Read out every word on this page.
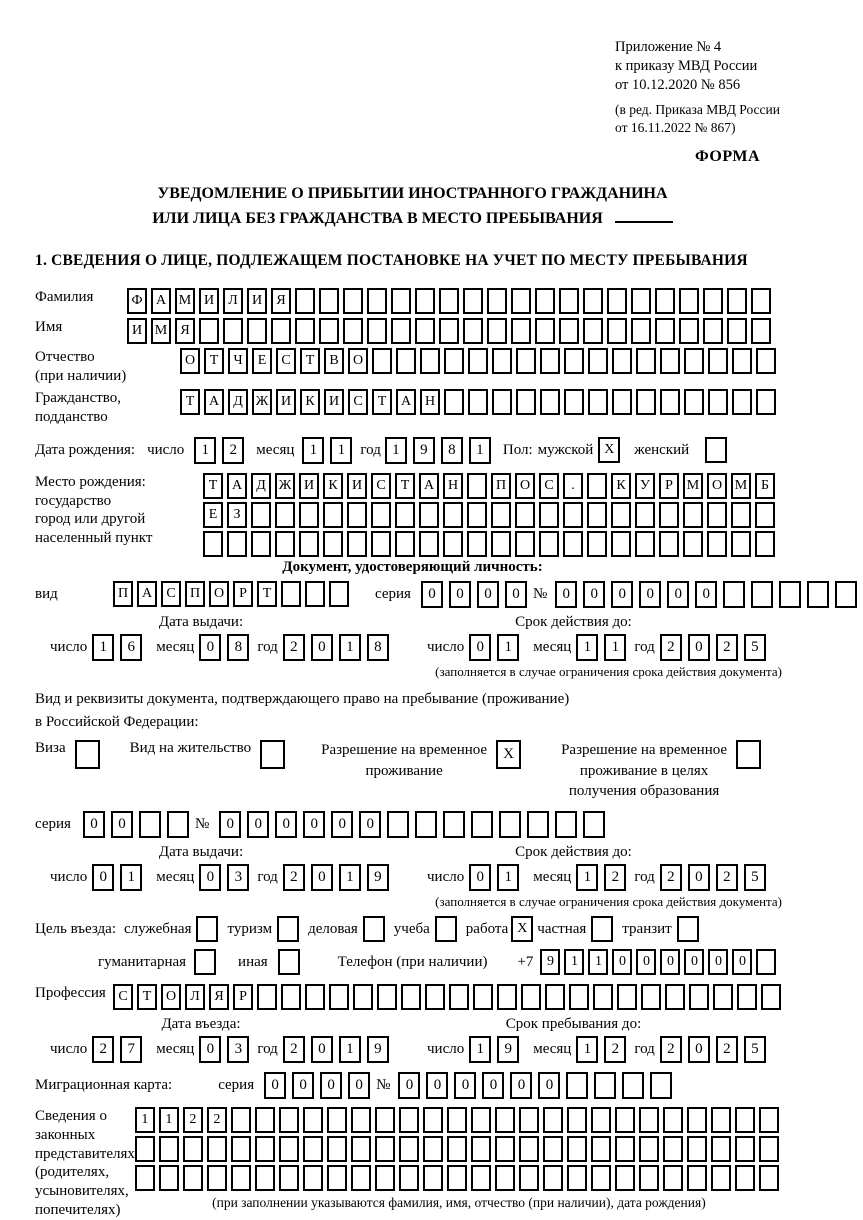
Приложение № 4
к приказу МВД России
от 10.12.2020 № 856
(в ред. Приказа МВД России
от 16.11.2022 № 867)
ФОРМА
УВЕДОМЛЕНИЕ О ПРИБЫТИИ ИНОСТРАННОГО ГРАЖДАНИНА
ИЛИ ЛИЦА БЕЗ ГРАЖДАНСТВА В МЕСТО ПРЕБЫВАНИЯ
1. СВЕДЕНИЯ О ЛИЦЕ, ПОДЛЕЖАЩЕМ ПОСТАНОВКЕ НА УЧЕТ ПО МЕСТУ ПРЕБЫВАНИЯ
Фамилия	Ф А М И	Л	И	Я
Имя	И М Я
Отчество
(при наличии)
О	Т	Ч	Е	С	Т	В	О
Гражданство,
подданство
Т	А	Д Ж И	К	И	С	Т	А Н
Дата рождения: число	1	2	месяц	1	1	год 1	9	8	1	Пол: мужской X	женский
Место рождения:
государство
город или другой
населенный пункт
Т	А	Д Ж И	К	И	С	Т	А Н	П О	С	.	К	У	Р М О М Б
Е	З
Документ, удостоверяющий личность:
вид	П А	С	П О	Р	Т	серия	0	0	0	0 №	0	0	0	0	0	0
Дата выдачи:
число 1	6	месяц 0	8	год 2	0	1	8
Срок действия до:
число 0	1	месяц 1	1	год 2	0	2	5
(заполняется в случае ограничения срока действия документа)
Вид и реквизиты документа, подтверждающего право на пребывание (проживание)
в Российской Федерации:
Виза	Вид на жительство	Разрешение на временное
проживание
X	Разрешение на временное
проживание в целях
получения образования
серия	0	0	№	0	0	0	0	0	0
Дата выдачи:
число 0	1	месяц 0	3	год 2	0	1	9
Срок действия до:
число 0	1	месяц 1	2	год 2	0	2	5
(заполняется в случае ограничения срока действия документа)
Цель въезда: служебная туризм деловая учеба работа X частная транзит
гуманитарная	иная	Телефон (при наличии) +7 9	1	1	0	0	0	0	0	0
Профессия С	Т	О	Л	Я	Р
Дата въезда:
число 2	7	месяц 0	3	год 2	0	1	9
Срок пребывания до:
число 1	9	месяц 1	2	год 2	0	2	5
Миграционная карта:	серия	0	0	0	0 №	0	0	0	0	0	0
Сведения о
законных
представителях
(родителях,
усыновителях,
попечителях)
1	1	2	2
(при заполнении указываются фамилия, имя, отчество (при наличии), дата рождения)
